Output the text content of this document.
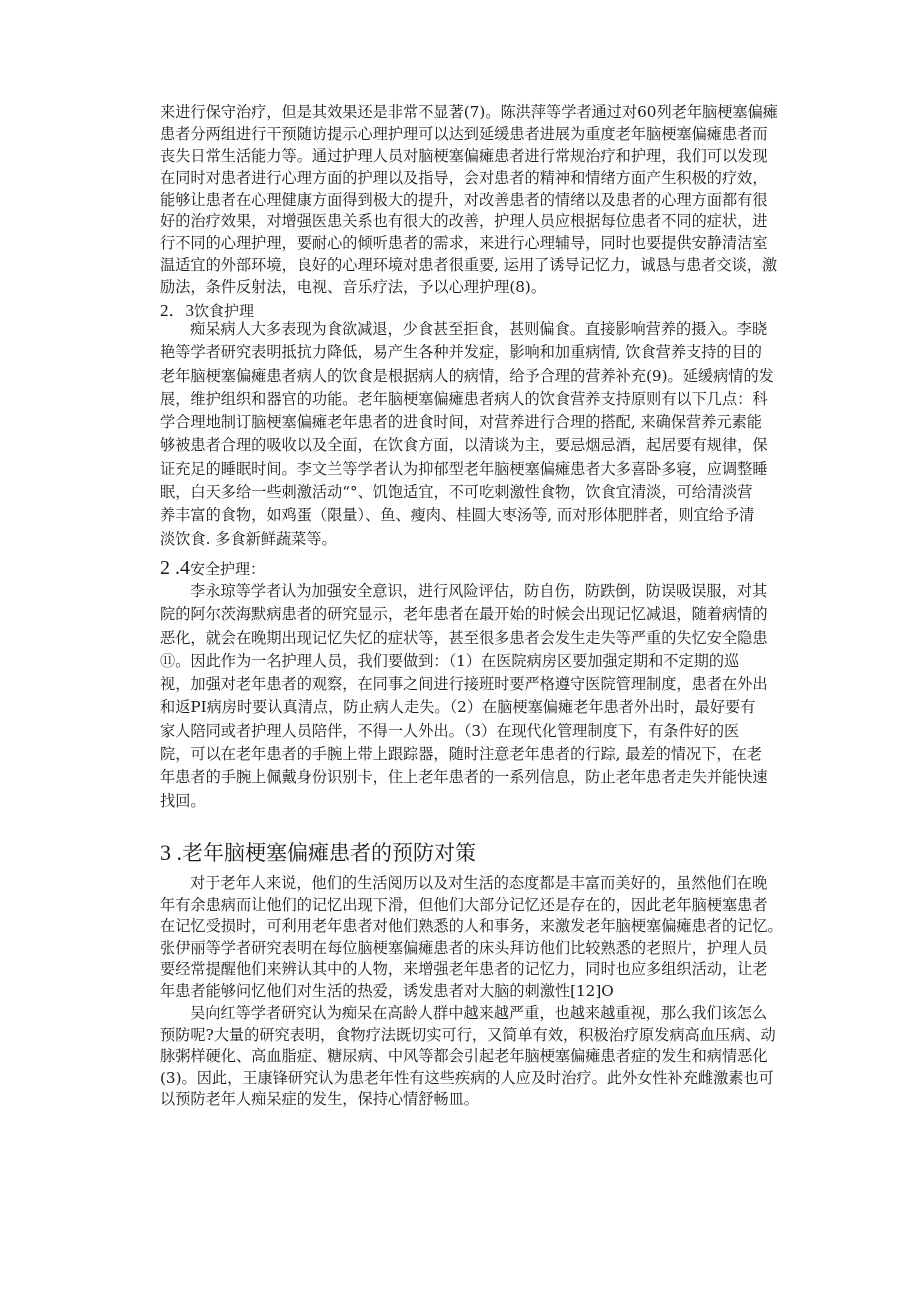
来进行保守治疗，但是其效果还是非常不显著(7)。陈洪萍等学者通过对60列老年脑梗塞偏瘫
患者分两组进行干预随访提示心理护理可以达到延缓患者进展为重度老年脑梗塞偏瘫患者而
丧失日常生活能力等。通过护理人员对脑梗塞偏瘫患者进行常规治疗和护理，我们可以发现
在同时对患者进行心理方面的护理以及指导，会对患者的精神和情绪方面产生积极的疗效，
能够让患者在心理健康方面得到极大的提升，对改善患者的情绪以及患者的心理方面都有很
好的治疗效果，对增强医患关系也有很大的改善，护理人员应根据每位患者不同的症状，进
行不同的心理护理，要耐心的倾听患者的需求，来进行心理辅导，同时也要提供安静清洁室
温适宜的外部环境，良好的心理环境对患者很重要, 运用了诱导记忆力，诚恳与患者交谈，激
励法，条件反射法，电视、音乐疗法，予以心理护理(8)。
2．3饮食护理
痴呆病人大多表现为食欲减退，少食甚至拒食，甚则偏食。直接影响营养的摄入。李晓
艳等学者研究表明抵抗力降低，易产生各种并发症，影响和加重病情, 饮食营养支持的目的
老年脑梗塞偏瘫患者病人的饮食是根据病人的病情，给予合理的营养补充(9)。延缓病情的发
展，维护组织和器官的功能。老年脑梗塞偏瘫患者病人的饮食营养支持原则有以下几点：科
学合理地制订脑梗塞偏瘫老年患者的进食时间，对营养进行合理的搭配, 来确保营养元素能
够被患者合理的吸收以及全面，在饮食方面，以清谈为主，要忌烟忌酒，起居要有规律，保
证充足的睡眠时间。李文兰等学者认为抑郁型老年脑梗塞偏瘫患者大多喜卧多寝，应调整睡
眠，白天多给一些刺激活动“°、饥饱适宜，不可吃刺激性食物，饮食宜清淡，可给清淡营
养丰富的食物，如鸡蛋（限量）、鱼、瘦肉、桂圆大枣汤等, 而对形体肥胖者，则宜给予清
淡饮食. 多食新鲜蔬菜等。
2 .4安全护理：
李永琼等学者认为加强安全意识，进行风险评估，防自伤，防跌倒，防误吸误服，对其
院的阿尔茨海默病患者的研究显示，老年患者在最开始的时候会出现记忆减退，随着病情的
恶化，就会在晚期出现记忆失忆的症状等，甚至很多患者会发生走失等严重的失忆安全隐患
⑪。因此作为一名护理人员，我们要做到：（1）在医院病房区要加强定期和不定期的巡
视，加强对老年患者的观察，在同事之间进行接班时要严格遵守医院管理制度，患者在外出
和返PI病房时要认真清点，防止病人走失。（2）在脑梗塞偏瘫老年患者外出时，最好要有
家人陪同或者护理人员陪伴，不得一人外出。（3）在现代化管理制度下，有条件好的医
院，可以在老年患者的手腕上带上跟踪器，随时注意老年患者的行踪, 最差的情况下，在老
年患者的手腕上佩戴身份识别卡，住上老年患者的一系列信息，防止老年患者走失并能快速
找回。
3 .老年脑梗塞偏瘫患者的预防对策
对于老年人来说，他们的生活阅历以及对生活的态度都是丰富而美好的，虽然他们在晚
年有余患病而让他们的记忆出现下滑，但他们大部分记忆还是存在的，因此老年脑梗塞患者
在记忆受损时，可利用老年患者对他们熟悉的人和事务，来激发老年脑梗塞偏瘫患者的记忆。
张伊丽等学者研究表明在每位脑梗塞偏瘫患者的床头拜访他们比较熟悉的老照片，护理人员
要经常提醒他们来辨认其中的人物，来增强老年患者的记忆力，同时也应多组织活动，让老
年患者能够问忆他们对生活的热爱，诱发患者对大脑的刺激性[12]O
吴向红等学者研究认为痴呆在高龄人群中越来越严重，也越来越重视，那么我们该怎么
预防呢?大量的研究表明，食物疗法既切实可行，又简单有效，积极治疗原发病高血压病、动
脉粥样硬化、高血脂症、糖尿病、中风等都会引起老年脑梗塞偏瘫患者症的发生和病情恶化
(3)。因此，王康锋研究认为患老年性有这些疾病的人应及时治疗。此外女性补充雌激素也可
以预防老年人痴呆症的发生，保持心情舒畅皿。
